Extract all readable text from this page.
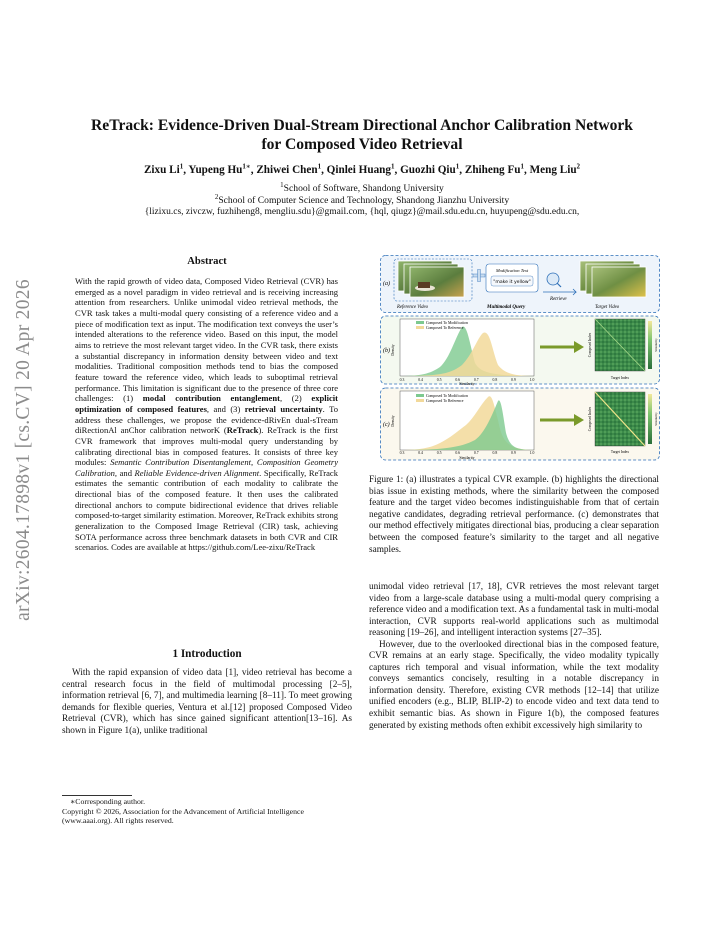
arXiv:2604.17898v1 [cs.CV] 20 Apr 2026
ReTrack: Evidence-Driven Dual-Stream Directional Anchor Calibration Network
for Composed Video Retrieval
Zixu Li$^1$, Yupeng $Hu^{1∗}$, Zhiwei Chen$^1$, Qinlei Huang$^1$, Guozhi Qiu$^1$, Zhiheng Fu$^1$, Meng Liu$^2$
$^1$School of Software, Shandong University
$^2$School of Computer Science and Technology, Shandong Jianzhu University
{lizixu.cs, zivczw, fuzhiheng8, mengliu.sdu}@gmail.com, {hql, qiugz}@mail.sdu.edu.cn, huyupeng@sdu.edu.cn,
Abstract

With the rapid growth of video data, Composed Video Retrieval (CVR) has emerged as a novel paradigm in video retrieval and is receiving increasing attention from researchers. Unlike unimodal video retrieval methods, the CVR task takes a multi-modal query consisting of a reference video and a piece of modification text as input. The modification text conveys the user’s intended alterations to the reference video. Based on this input, the model aims to retrieve the most relevant target video. In the CVR task, there exists a substantial discrepancy in information density between video and text modalities. Traditional composition methods tend to bias the composed feature toward the reference video, which leads to suboptimal retrieval performance. This limitation is significant due to the presence of three core challenges: (1) modal contribution entanglement, (2) explicit optimization of composed features, and (3) retrieval uncertainty. To address these challenges, we propose the evidence-dRivEn dual-sTream diRectionAl anChor calibration networK (ReTrack). ReTrack is the first CVR framework that improves multi-modal query understanding by calibrating directional bias in composed features. It consists of three key modules: Semantic Contribution Disentanglement, Composition Geometry Calibration, and Reliable Evidence-driven Alignment. Specifically, ReTrack estimates the semantic contribution of each modality to calibrate the directional bias of the composed feature. It then uses the calibrated directional anchors to compute bidirectional evidence that drives reliable composed-to-target similarity estimation. Moreover, ReTrack exhibits strong generalization to the Composed Image Retrieval (CIR) task, achieving SOTA performance across three benchmark datasets in both CVR and CIR scenarios. Codes are available at https://github.com/Lee-zixu/ReTrack

1 Introduction

With the rapid expansion of video data [1], video retrieval has become a central research focus in the field of multimodal processing [2–5], information retrieval [6, 7], and multimedia learning [8–11]. To meet growing demands for flexible queries, Ventura et al.[12] proposed Composed Video Retrieval (CVR), which has since gained significant attention[13–16]. As shown in Figure 1(a), unlike traditional

∗Corresponding author.
Copyright © 2026, Association for the Advancement of Artificial Intelligence (www.aaai.org). All rights reserved.
(a)
Reference Video
Modification Text
"make it yellow"
Multimodal Query
Retrieve
Target Video
(b)
Composed To Modification
Composed To Reference
Density
0.3	0.4	0.5	0.6	0.7	0.8	0.9	1.0
Similarity
Composed Index
Target Index
Similarity
(c)
Composed To Modification
Composed To Reference
Density
0.3	0.4	0.5	0.6	0.7	0.8	0.9	1.0
Similarity
Composed Index
Target Index
Similarity
Figure 1: (a) illustrates a typical CVR example. (b) highlights the directional bias issue in existing methods, where the similarity between the composed feature and the target video becomes indistinguishable from that of certain negative candidates, degrading retrieval performance. (c) demonstrates that our method effectively mitigates directional bias, producing a clear separation between the composed feature’s similarity to the target and all negative samples.

unimodal video retrieval [17, 18], CVR retrieves the most relevant target video from a large-scale database using a multi-modal query comprising a reference video and a modification text. As a fundamental task in multi-modal interaction, CVR supports real-world applications such as multimodal reasoning [19–26], and intelligent interaction systems [27–35].

However, due to the overlooked directional bias in the composed feature, CVR remains at an early stage. Specifically, the video modality typically captures rich temporal and visual information, while the text modality conveys semantics concisely, resulting in a notable discrepancy in information density. Therefore, existing CVR methods [12–14] that utilize unified encoders (e.g., BLIP, BLIP-2) to encode video and text data tend to exhibit semantic bias. As shown in Figure 1(b), the composed features generated by existing methods often exhibit excessively high similarity to
